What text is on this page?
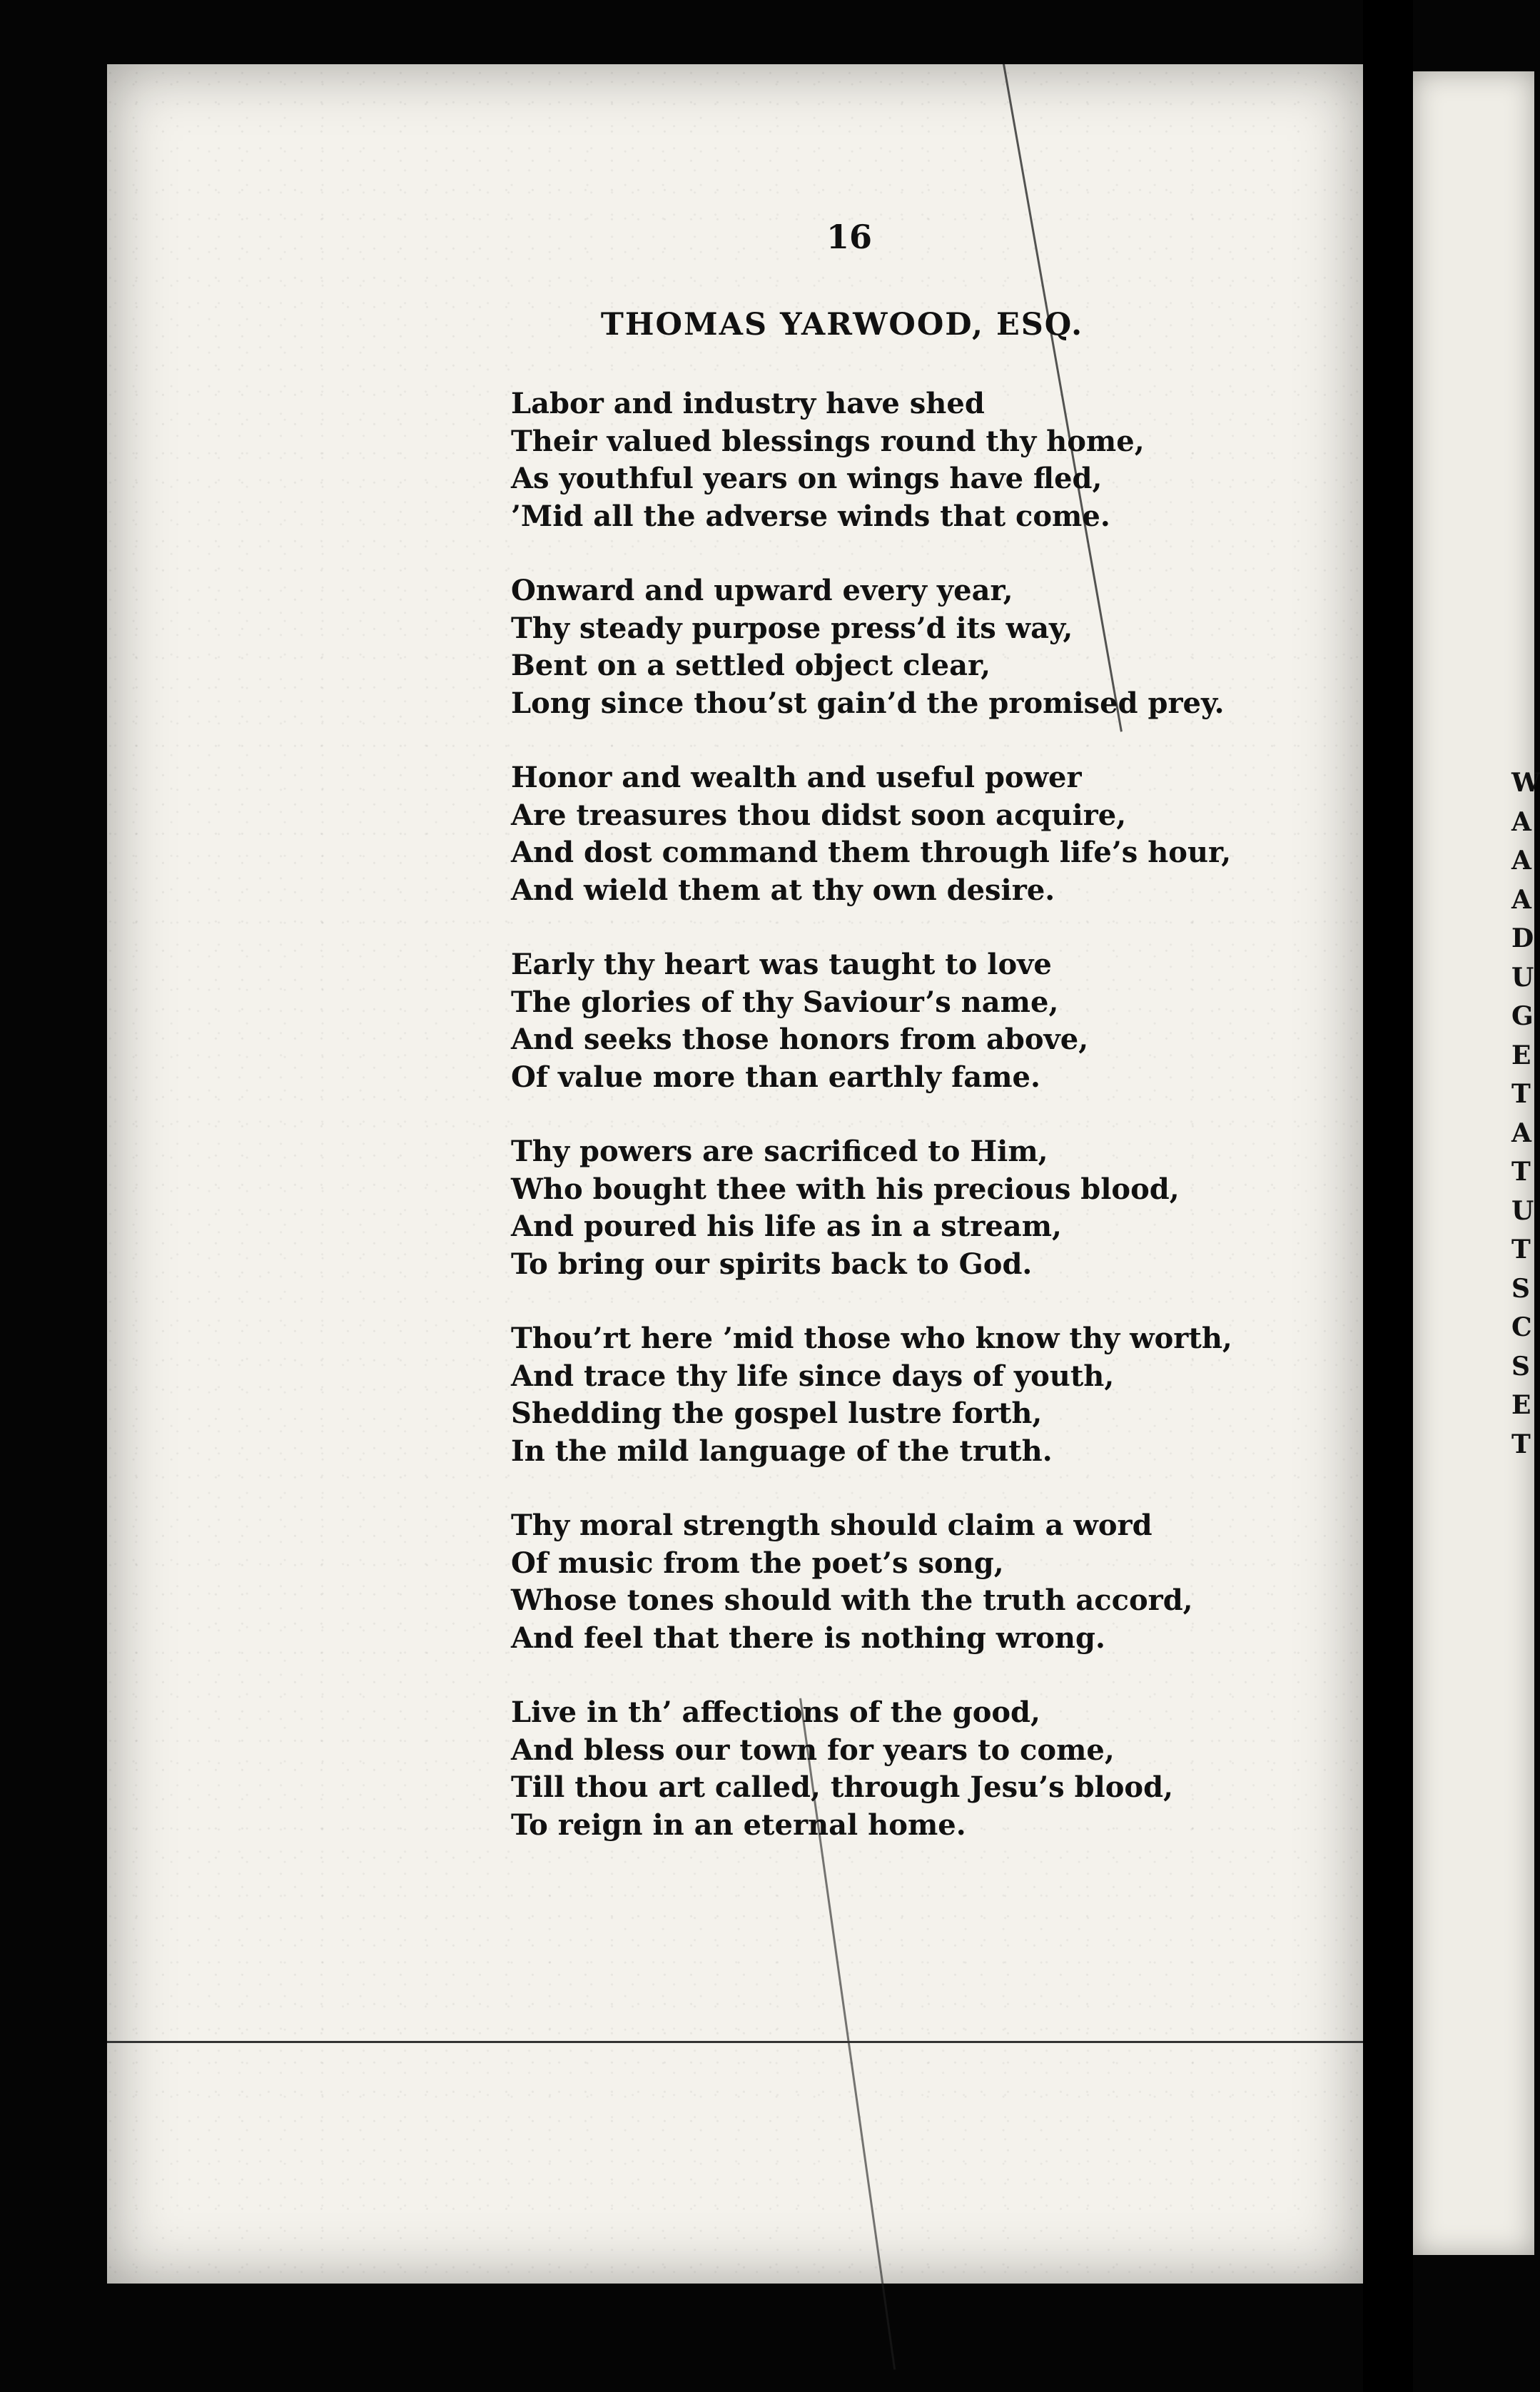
W
A
A
A
D
U
G
E
T
A
T
U
T
S
C
S
E
T
16
THOMAS YARWOOD, ESQ.
Labor and industry have shed
Their valued blessings round thy home,
As youthful years on wings have fled,
’Mid all the adverse winds that come.
Onward and upward every year,
Thy steady purpose press’d its way,
Bent on a settled object clear,
Long since thou’st gain’d the promised prey.
Honor and wealth and useful power
Are treasures thou didst soon acquire,
And dost command them through life’s hour,
And wield them at thy own desire.
Early thy heart was taught to love
The glories of thy Saviour’s name,
And seeks those honors from above,
Of value more than earthly fame.
Thy powers are sacrificed to Him,
Who bought thee with his precious blood,
And poured his life as in a stream,
To bring our spirits back to God.
Thou’rt here ’mid those who know thy worth,
And trace thy life since days of youth,
Shedding the gospel lustre forth,
In the mild language of the truth.
Thy moral strength should claim a word
Of music from the poet’s song,
Whose tones should with the truth accord,
And feel that there is nothing wrong.
Live in th’ affections of the good,
And bless our town for years to come,
Till thou art called, through Jesu’s blood,
To reign in an eternal home.
